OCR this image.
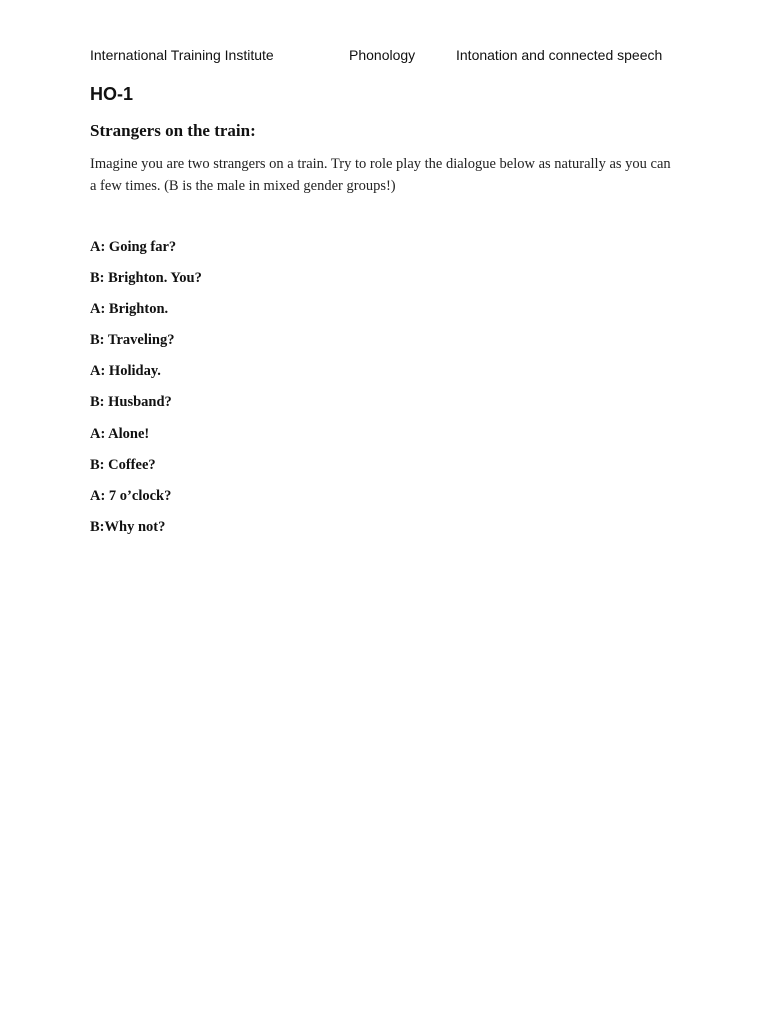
International Training Institute	Phonology	Intonation and connected speech
HO-1
Strangers on the train:
Imagine you are two strangers on a train. Try to role play the dialogue below as naturally as you can a few times. (B is the male in mixed gender groups!)
A: Going far?
B: Brighton. You?
A: Brighton.
B: Traveling?
A: Holiday.
B: Husband?
A: Alone!
B: Coffee?
A: 7 o’clock?
B:Why not?
